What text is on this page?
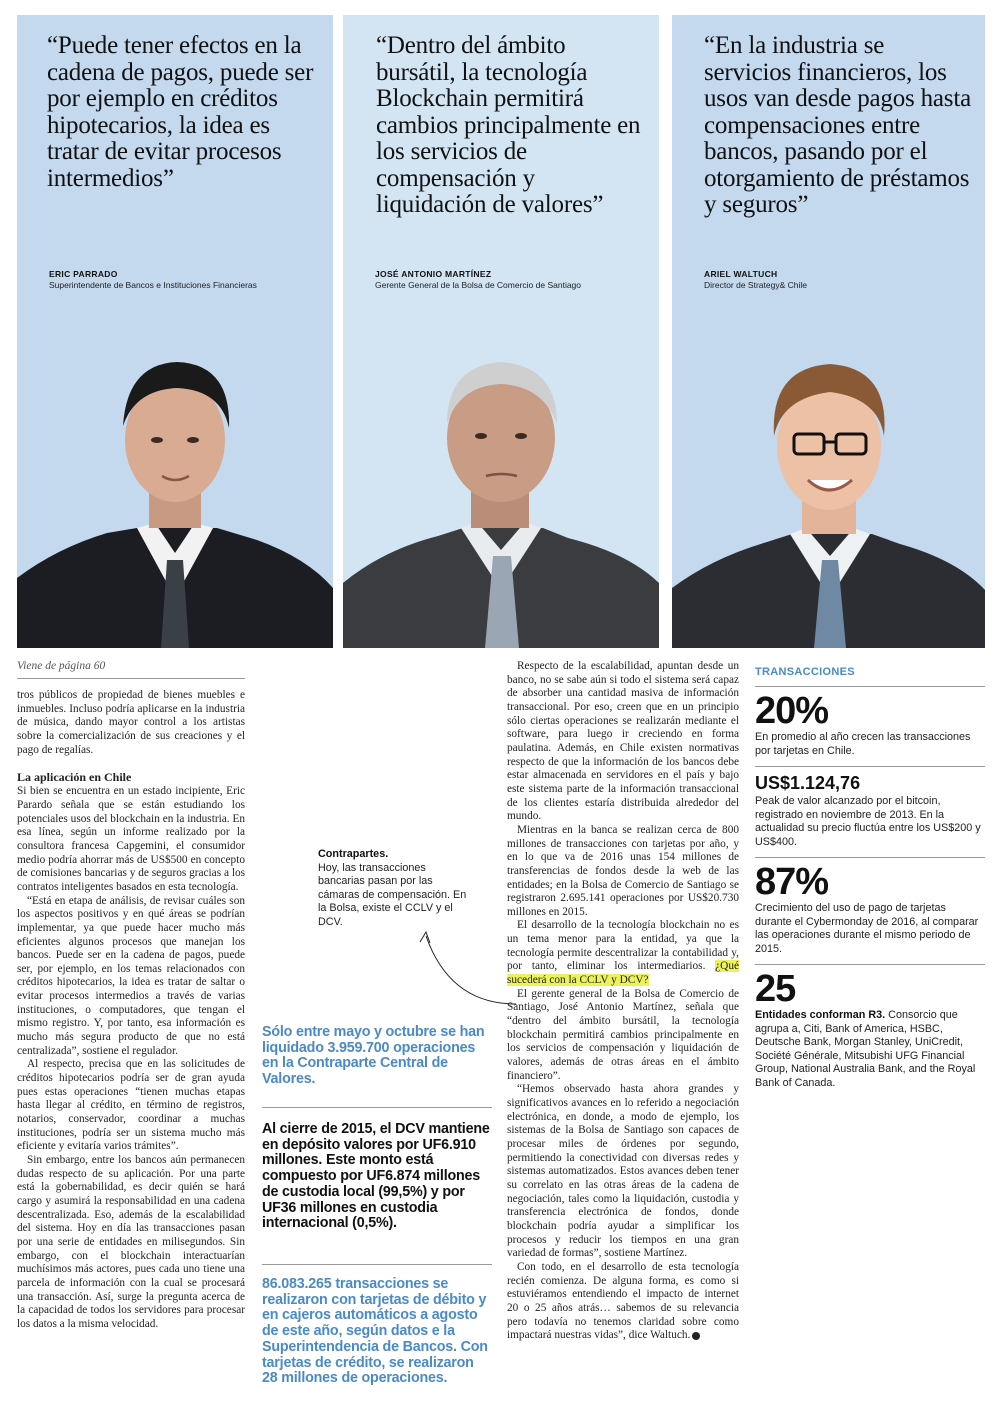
“Puede tener efectos en la cadena de pagos, puede ser por ejemplo en créditos hipotecarios, la idea es tratar de evitar procesos intermedios”
ERIC PARRADO
Superintendente de Bancos e Instituciones Financieras
“Dentro del ámbito bursátil, la tecnología Blockchain permitirá cambios principalmente en los servicios de compensación y liquidación de valores”
JOSÉ ANTONIO MARTÍNEZ
Gerente General de la Bolsa de Comercio de Santiago
“En la industria se servicios financieros, los usos van desde pagos hasta compensaciones entre bancos, pasando por el otorgamiento de préstamos y seguros”
ARIEL WALTUCH
Director de Strategy& Chile
Viene de página 60

tros públicos de propiedad de bienes muebles e inmuebles. Incluso podría aplicarse en la industria de música, dando mayor control a los artistas sobre la comercialización de sus creaciones y el pago de regalías.

La aplicación en Chile

Si bien se encuentra en un estado incipiente, Eric Parardo señala que se están estudiando los potenciales usos del blockchain en la industria. En esa línea, según un informe realizado por la consultora francesa Capgemini, el consumidor medio podría ahorrar más de US$500 en concepto de comisiones bancarias y de seguros gracias a los contratos inteligentes basados en esta tecnología.

“Está en etapa de análisis, de revisar cuáles son los aspectos positivos y en qué áreas se podrían implementar, ya que puede hacer mucho más eficientes algunos procesos que manejan los bancos. Puede ser en la cadena de pagos, puede ser, por ejemplo, en los temas relacionados con créditos hipotecarios, la idea es tratar de saltar o evitar procesos intermedios a través de varias instituciones, o computadores, que tengan el mismo registro. Y, por tanto, esa información es mucho más segura producto de que no está centralizada”, sostiene el regulador.

Al respecto, precisa que en las solicitudes de créditos hipotecarios podría ser de gran ayuda pues estas operaciones “tienen muchas etapas hasta llegar al crédito, en término de registros, notarios, conservador, coordinar a muchas instituciones, podría ser un sistema mucho más eficiente y evitaría varios trámites”.

Sin embargo, entre los bancos aún permanecen dudas respecto de su aplicación. Por una parte está la gobernabilidad, es decir quién se hará cargo y asumirá la responsabilidad en una cadena descentralizada. Eso, además de la escalabilidad del sistema. Hoy en día las transacciones pasan por una serie de entidades en milisegundos. Sin embargo, con el blockchain interactuarían muchísimos más actores, pues cada uno tiene una parcela de información con la cual se procesará una transacción. Así, surge la pregunta acerca de la capacidad de todos los servidores para procesar los datos a la misma velocidad.

Respecto de la escalabilidad, apuntan desde un banco, no se sabe aún si todo el sistema será capaz de absorber una cantidad masiva de información transaccional. Por eso, creen que en un principio sólo ciertas operaciones se realizarán mediante el software, para luego ir creciendo en forma paulatina. Además, en Chile existen normativas respecto de que la información de los bancos debe estar almacenada en servidores en el país y bajo este sistema parte de la información transaccional de los clientes estaría distribuida alrededor del mundo.

Mientras en la banca se realizan cerca de 800 millones de transacciones con tarjetas por año, y en lo que va de 2016 unas 154 millones de transferencias de fondos desde la web de las entidades; en la Bolsa de Comercio de Santiago se registraron 2.695.141 operaciones por US$20.730 millones en 2015.

El desarrollo de la tecnología blockchain no es un tema menor para la entidad, ya que la tecnología permite descentralizar la contabilidad y, por tanto, eliminar los intermediarios. ¿Qué sucederá con la CCLV y DCV?

El gerente general de la Bolsa de Comercio de Santiago, José Antonio Martínez, señala que “dentro del ámbito bursátil, la tecnología blockchain permitirá cambios principalmente en los servicios de compensación y liquidación de valores, además de otras áreas en el ámbito financiero”.

“Hemos observado hasta ahora grandes y significativos avances en lo referido a negociación electrónica, en donde, a modo de ejemplo, los sistemas de la Bolsa de Santiago son capaces de procesar miles de órdenes por segundo, permitiendo la conectividad con diversas redes y sistemas automatizados. Estos avances deben tener su correlato en las otras áreas de la cadena de negociación, tales como la liquidación, custodia y transferencia electrónica de fondos, donde blockchain podría ayudar a simplificar los procesos y reducir los tiempos en una gran variedad de formas”, sostiene Martínez.

Con todo, en el desarrollo de esta tecnología recién comienza. De alguna forma, es como si estuviéramos entendiendo el impacto de internet 20 o 25 años atrás… sabemos de su relevancia pero todavía no tenemos claridad sobre como impactará nuestras vidas”, dice Waltuch.

Contrapartes.
Hoy, las transacciones bancarias pasan por las cámaras de compensación. En la Bolsa, existe el CCLV y el DCV.
Sólo entre mayo y octubre se han liquidado 3.959.700 operaciones en la Contraparte Central de Valores.
Al cierre de 2015, el DCV mantiene en depósito valores por UF6.910 millones. Este monto está compuesto por UF6.874 millones de custodia local (99,5%) y por UF36 millones en custodia internacional (0,5%).
86.083.265 transacciones se realizaron con tarjetas de débito y en cajeros automáticos a agosto de este año, según datos e la Superintendencia de Bancos. Con tarjetas de crédito, se realizaron 28 millones de operaciones.
TRANSACCIONES
20%
En promedio al año crecen las transacciones por tarjetas en Chile.
US$1.124,76
Peak de valor alcanzado por el bitcoin, registrado en noviembre de 2013. En la actualidad su precio fluctúa entre los US$200 y US$400.
87%
Crecimiento del uso de pago de tarjetas durante el Cybermonday de 2016, al comparar las operaciones durante el mismo periodo de 2015.
25
Entidades conforman R3. Consorcio que agrupa a, Citi, Bank of America, HSBC, Deutsche Bank, Morgan Stanley, UniCredit, Société Générale, Mitsubishi UFG Financial Group, National Australia Bank, and the Royal Bank of Canada.
